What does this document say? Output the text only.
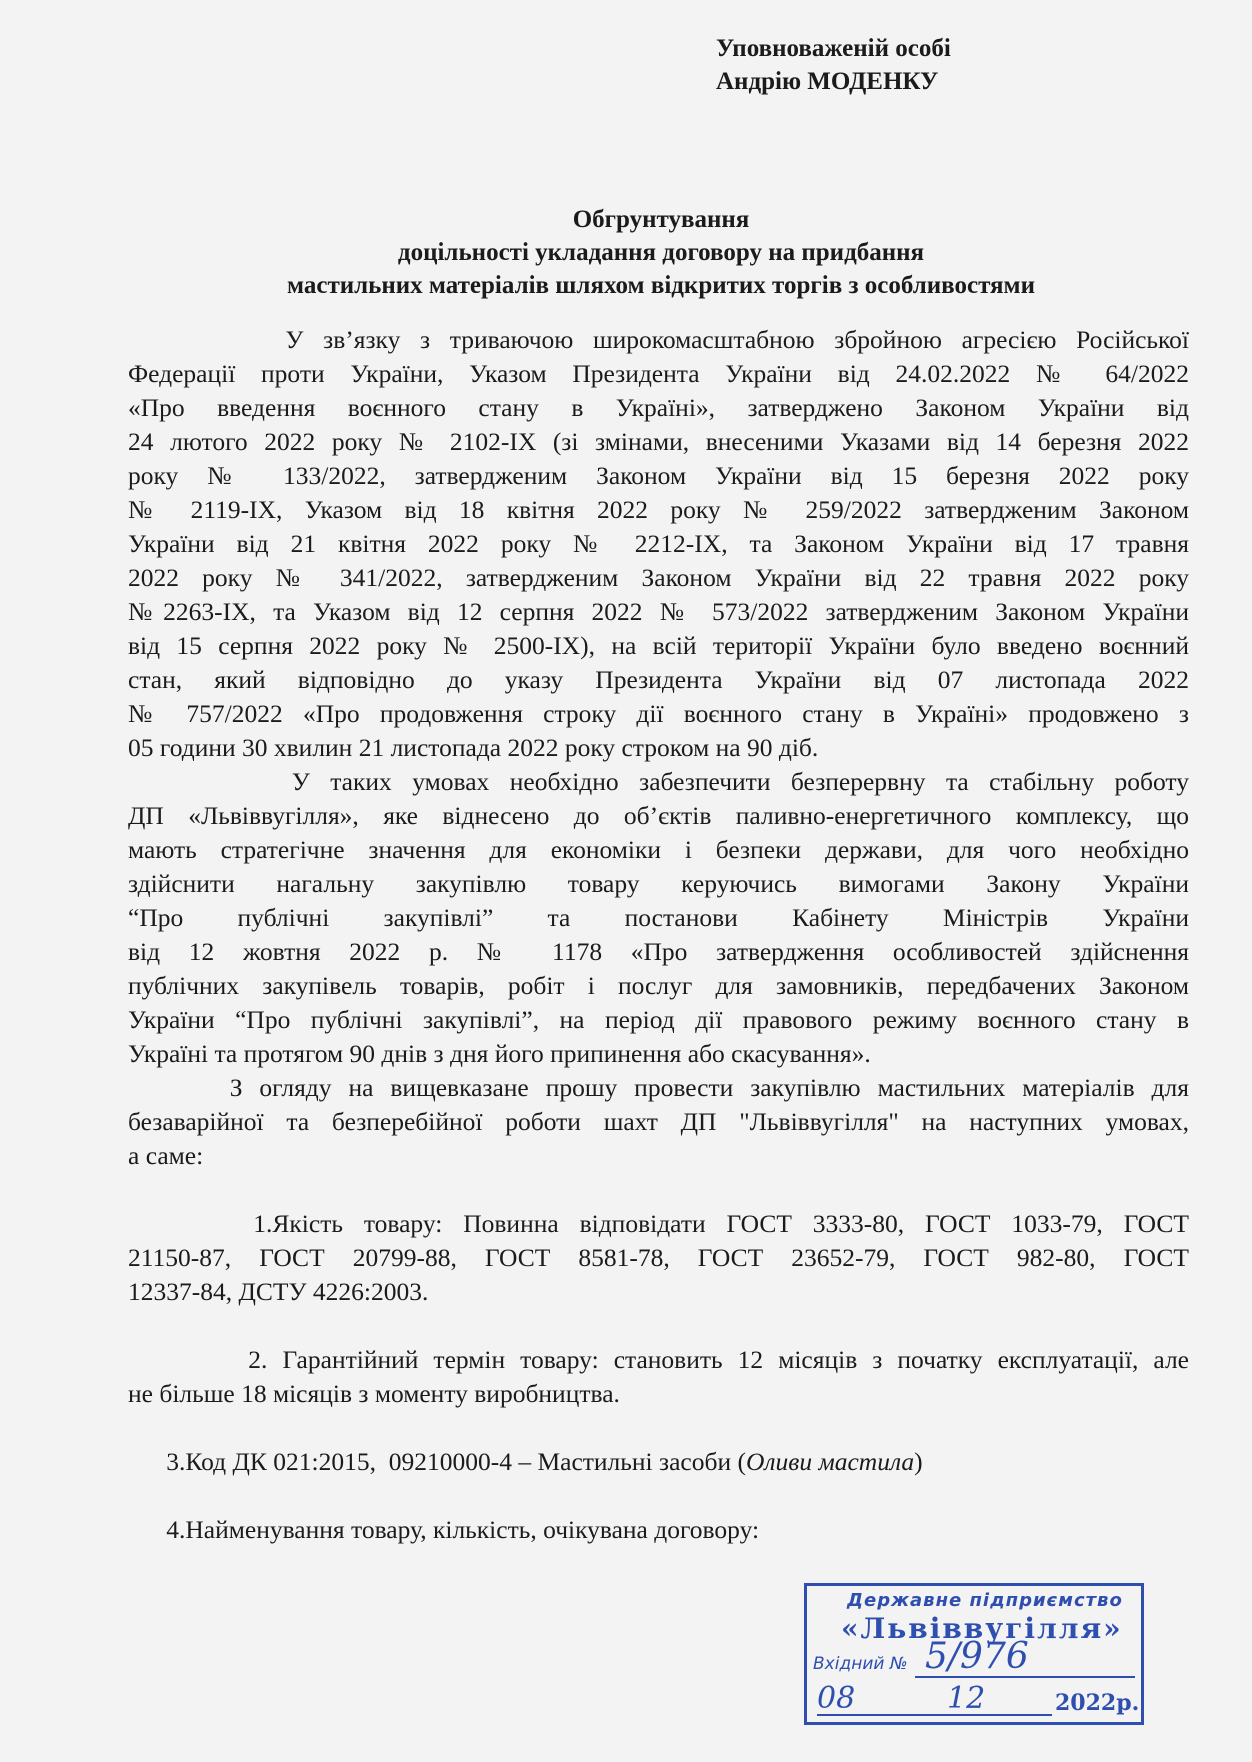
Уповноваженій особі
Андрію МОДЕНКУ
Обгрунтування
доцільності укладання договору на придбання
мастильних матеріалів шляхом відкритих торгів з особливостями
У зв’язку з триваючою широкомасштабною збройною агресією Російської
Федерації проти України, Указом Президента України від 24.02.2022 № 64/2022
«Про введення воєнного стану в Україні», затверджено Законом України від
24 лютого 2022 року № 2102-IX (зі змінами, внесеними Указами від 14 березня 2022
року № 133/2022, затвердженим Законом України від 15 березня 2022 року
№ 2119-IX, Указом від 18 квітня 2022 року № 259/2022 затвердженим Законом
України від 21 квітня 2022 року № 2212-IX, та Законом України від 17 травня
2022 року № 341/2022, затвердженим Законом України від 22 травня 2022 року
№2263-IX, та Указом від 12 серпня 2022 № 573/2022 затвердженим Законом України
від 15 серпня 2022 року № 2500-IX), на всій території України було введено воєнний
стан, який відповідно до указу Президента України від 07 листопада 2022
№ 757/2022 «Про продовження строку дії воєнного стану в Україні» продовжено з
05 години 30 хвилин 21 листопада 2022 року строком на 90 діб.
У таких умовах необхідно забезпечити безперервну та стабільну роботу
ДП «Львіввугілля», яке віднесено до об’єктів паливно-енергетичного комплексу, що
мають стратегічне значення для економіки і безпеки держави, для чого необхідно
здійснити нагальну закупівлю товару керуючись вимогами Закону України
“Про публічні закупівлі” та постанови Кабінету Міністрів України
від 12 жовтня 2022 р. № 1178 «Про затвердження особливостей здійснення
публічних закупівель товарів, робіт і послуг для замовників, передбачених Законом
України “Про публічні закупівлі”, на період дії правового режиму воєнного стану в
Україні та протягом 90 днів з дня його припинення або скасування».
З огляду на вищевказане прошу провести закупівлю мастильних матеріалів для
безаварійної та безперебійної роботи шахт ДП "Львіввугілля" на наступних умовах,
а саме:
1.Якість товару: Повинна відповідати ГОСТ 3333-80, ГОСТ 1033-79, ГОСТ
21150-87, ГОСТ 20799-88, ГОСТ 8581-78, ГОСТ 23652-79, ГОСТ 982-80, ГОСТ
12337-84, ДСТУ 4226:2003.
2. Гарантійний термін товару: становить 12 місяців з початку експлуатації, але
не більше 18 місяців з моменту виробництва.
3.Код ДК 021:2015,  09210000-4 – Мастильні засоби (Оливи мастила)
4.Найменування товару, кількість, очікувана договору:
Державне підприємство
«Львіввугілля»
Вхідний № 5/976
08	12	2022р.
